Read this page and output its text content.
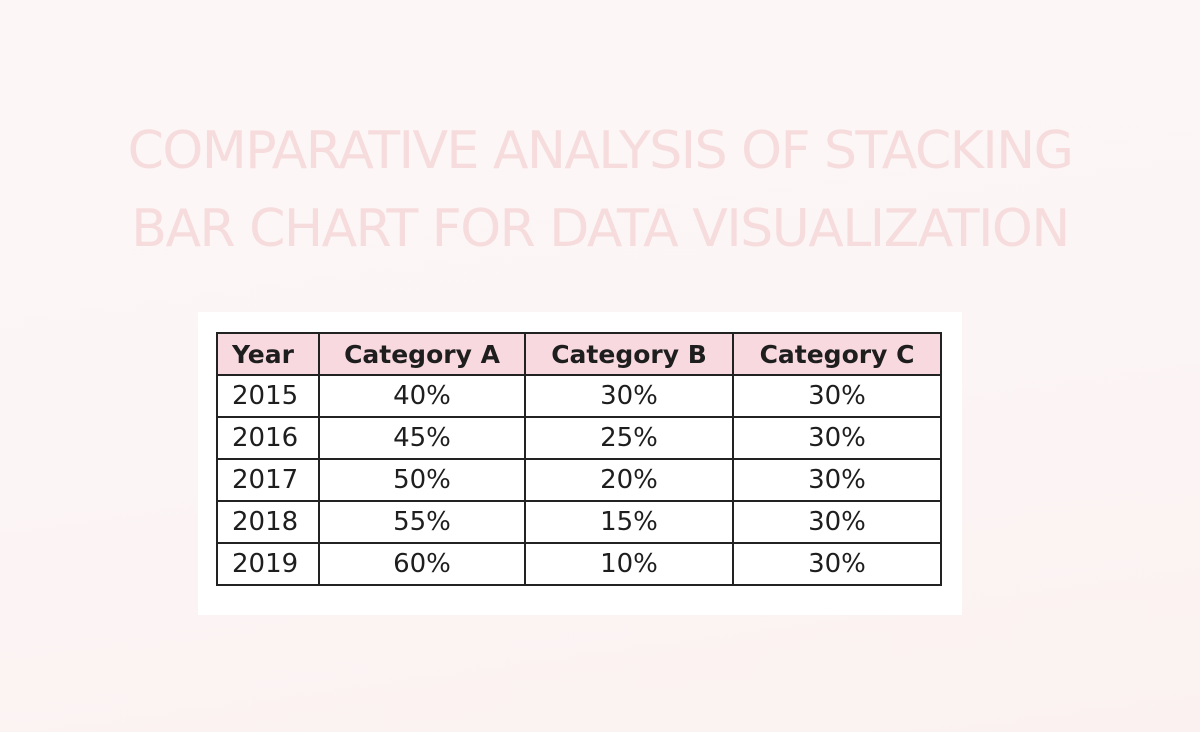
COMPARATIVE ANALYSIS OF STACKING
BAR CHART FOR DATA VISUALIZATION
Year	Category A	Category B	Category C
2015	40%	30%	30%
2016	45%	25%	30%
2017	50%	20%	30%
2018	55%	15%	30%
2019	60%	10%	30%
